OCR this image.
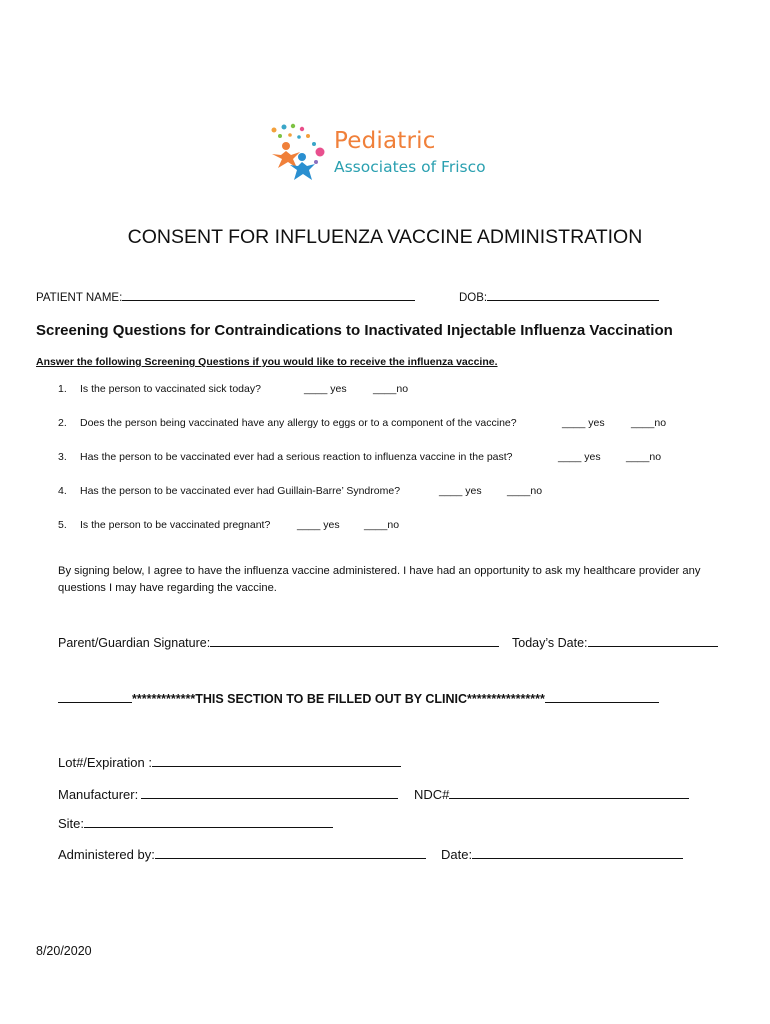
Pediatric
Associates of Frisco
CONSENT FOR INFLUENZA VACCINE ADMINISTRATION
PATIENT NAME:	DOB:
Screening Questions for Contraindications to Inactivated Injectable Influenza Vaccination
Answer the following Screening Questions if you would like to receive the influenza vaccine.
1. Is the person to vaccinated sick today?	____ yes	____no
2. Does the person being vaccinated have any allergy to eggs or to a component of the vaccine?	____ yes	____no
3. Has the person to be vaccinated ever had a serious reaction to influenza vaccine in the past?	____ yes ____no
4. Has the person to be vaccinated ever had Guillain-Barre’ Syndrome?	____ yes ____no
5. Is the person to be vaccinated pregnant?	____ yes ____no
By signing below, I agree to have the influenza vaccine administered. I have had an opportunity to ask my healthcare provider any questions I may have regarding the vaccine.
Parent/Guardian Signature:	Today’s Date:
*************THIS SECTION TO BE FILLED OUT BY CLINIC****************
Lot#/Expiration :
Manufacturer:	NDC#
Site:
Administered by:	Date:
8/20/2020
